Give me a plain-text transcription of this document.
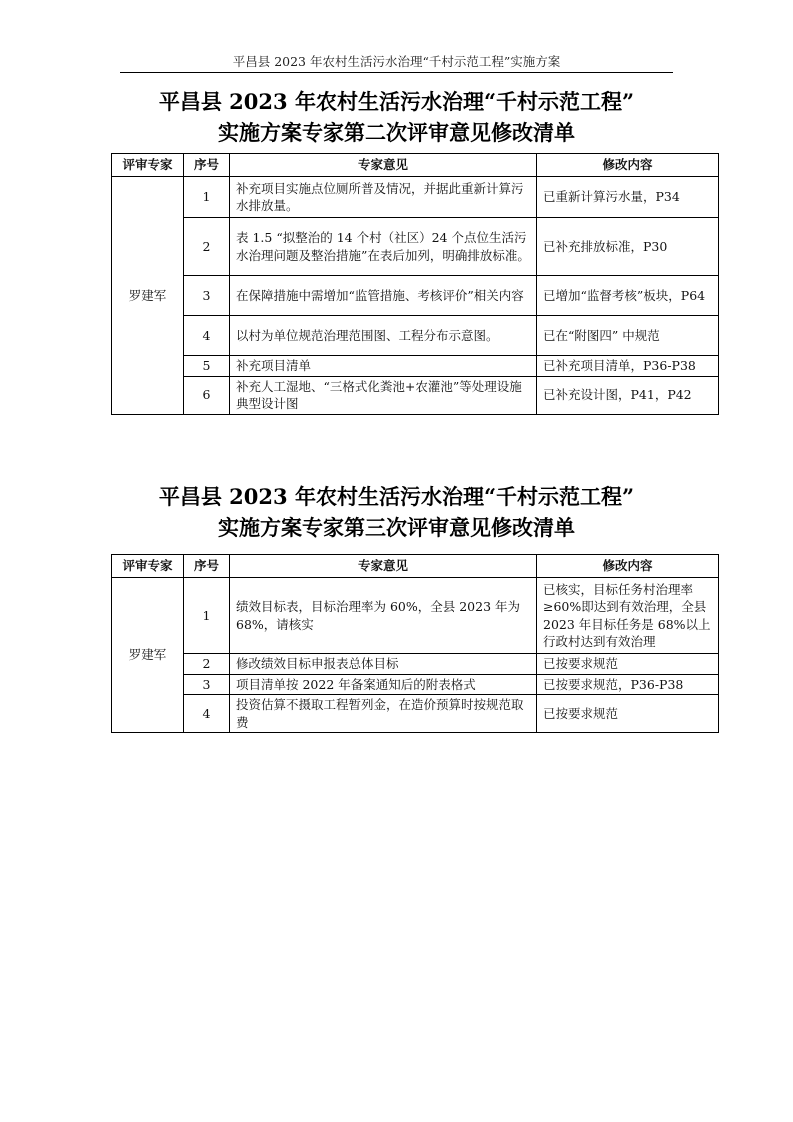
平昌县 2023 年农村生活污水治理“千村示范工程”实施方案
平昌县 2023 年农村生活污水治理“千村示范工程”
实施方案专家第二次评审意见修改清单
评审专家	序号	专家意见	修改内容
罗建军	1	补充项目实施点位厕所普及情况，并据此重新计算污水排放量。	已重新计算污水量，P34
	2	表 1.5 “拟整治的 14 个村（社区）24 个点位生活污水治理问题及整治措施”在表后加列，明确排放标准。	已补充排放标准，P30
	3	在保障措施中需增加“监管措施、考核评价”相关内容	已增加“监督考核”板块，P64
	4	以村为单位规范治理范围图、工程分布示意图。	已在“附图四” 中规范
	5	补充项目清单	已补充项目清单，P36-P38
	6	补充人工湿地、“三格式化粪池+农灌池”等处理设施典型设计图	已补充设计图，P41，P42
平昌县 2023 年农村生活污水治理“千村示范工程”
实施方案专家第三次评审意见修改清单
评审专家	序号	专家意见	修改内容
罗建军	1	绩效目标表，目标治理率为 60%，全县 2023 年为 68%，请核实	已核实，目标任务村治理率≥60%即达到有效治理，全县 2023 年目标任务是 68%以上行政村达到有效治理
	2	修改绩效目标申报表总体目标	已按要求规范
	3	项目清单按 2022 年备案通知后的附表格式	已按要求规范，P36-P38
	4	投资估算不摄取工程暂列金，在造价预算时按规范取费	已按要求规范
